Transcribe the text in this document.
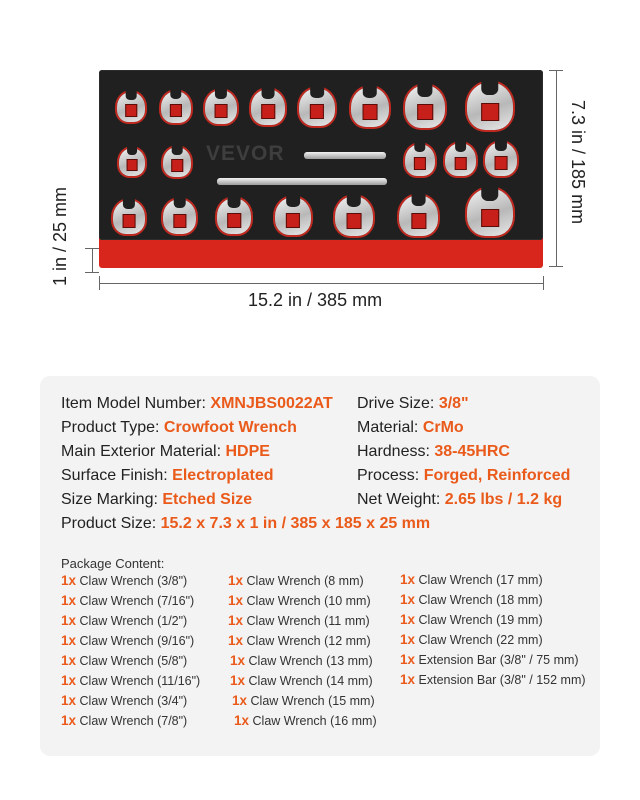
VEVOR
15.2 in / 385 mm
7.3 in / 185 mm
1 in / 25 mm
Item Model Number: XMNJBS0022AT Drive Size: 3/8"
Product Type: Crowfoot Wrench	Material: CrMo
Main Exterior Material: HDPE	Hardness: 38-45HRC
Surface Finish: Electroplated	Process: Forged, Reinforced
Size Marking: Etched Size	Net Weight: 2.65 lbs / 1.2 kg
Product Size: 15.2 x 7.3 x 1 in / 385 x 185 x 25 mm
Package Content:
1x Claw Wrench (3/8")
1x Claw Wrench (7/16")
1x Claw Wrench (1/2")
1x Claw Wrench (9/16")
1x Claw Wrench (5/8")
1x Claw Wrench (11/16")
1x Claw Wrench (3/4")
1x Claw Wrench (7/8")
1x Claw Wrench (8 mm)
1x Claw Wrench (10 mm)
1x Claw Wrench (11 mm)
1x Claw Wrench (12 mm)
1x Claw Wrench (13 mm)
1x Claw Wrench (14 mm)
1x Claw Wrench (15 mm)
1x Claw Wrench (16 mm)
1x Claw Wrench (17 mm)
1x Claw Wrench (18 mm)
1x Claw Wrench (19 mm)
1x Claw Wrench (22 mm)
1x Extension Bar (3/8" / 75 mm)
1x Extension Bar (3/8" / 152 mm)
